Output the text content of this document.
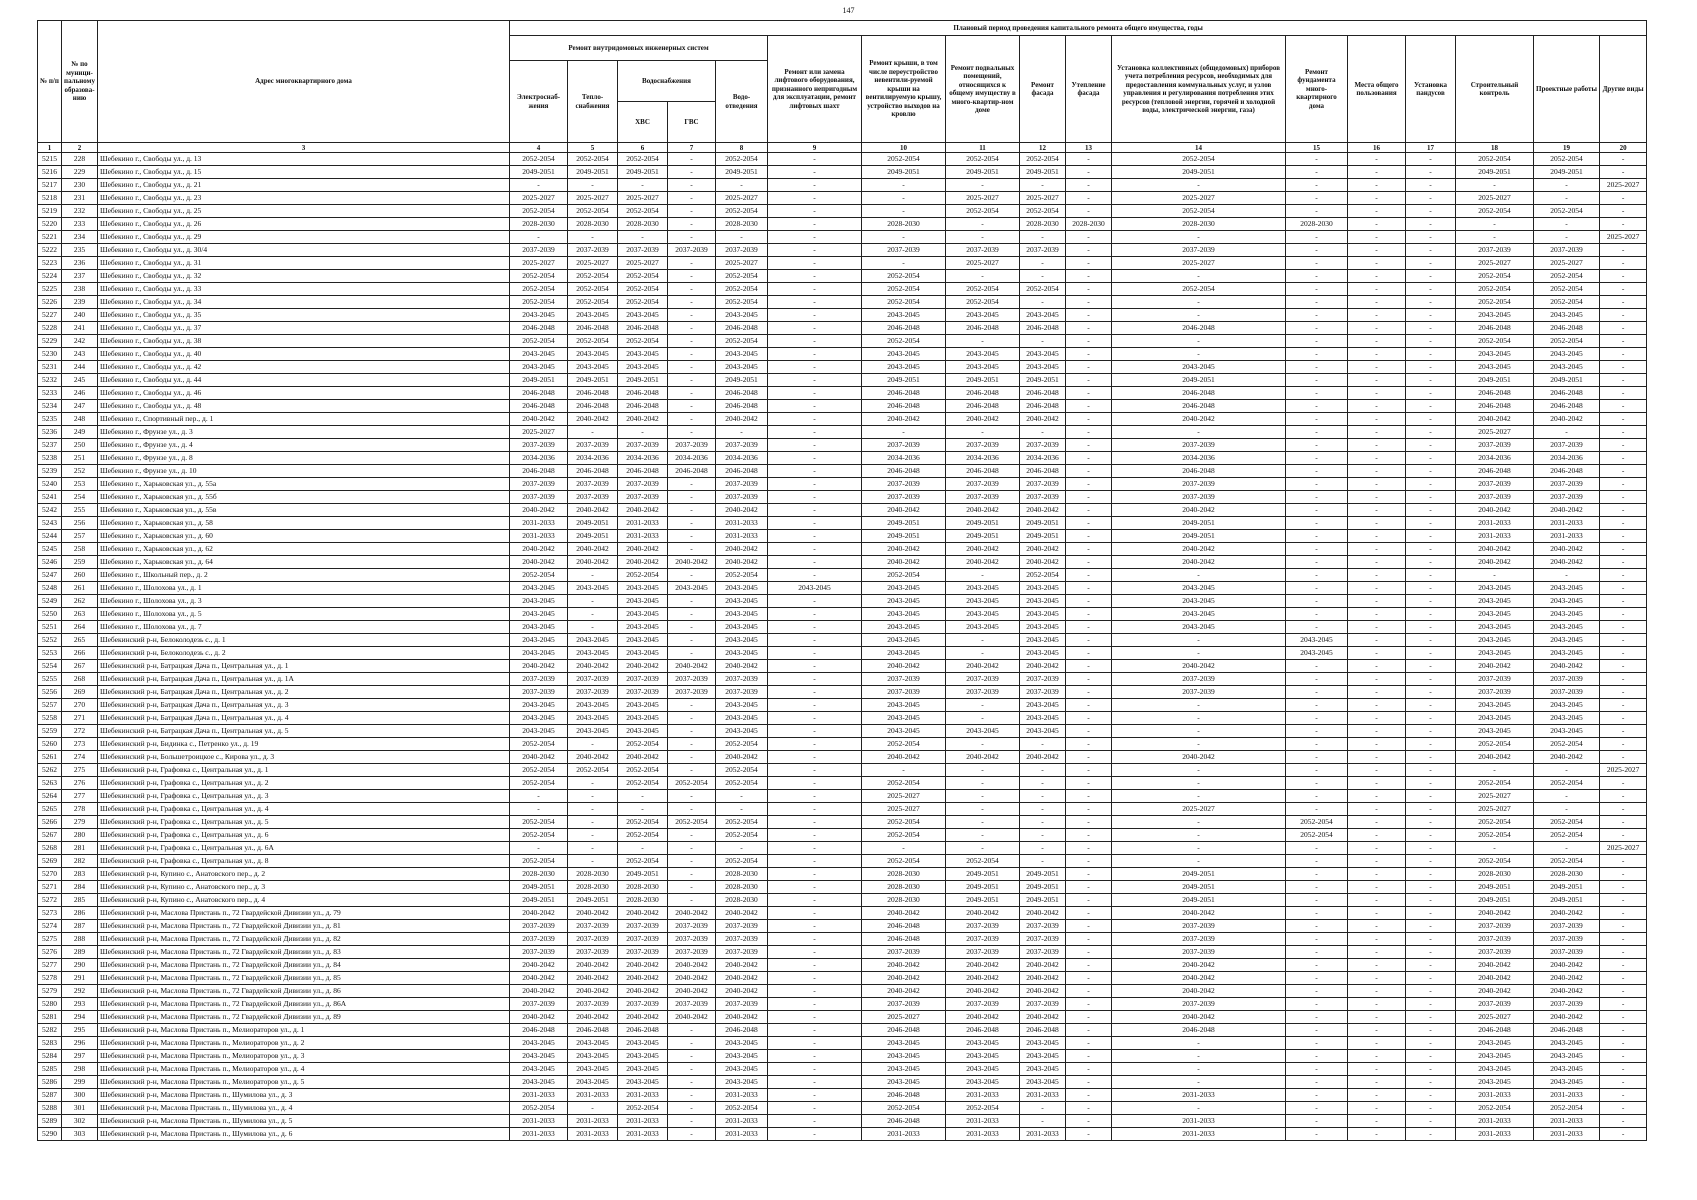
147
№ п/п	№ по муници-пальному образова-нию	Адрес многоквартирного дома	Плановый период проведения капитального ремонта общего имущества, годы																
			Ремонт внутридомовых инженерных систем					Ремонт или замена лифтового оборудования, признанного непригодным для эксплуатации, ремонт лифтовых шахт	Ремонт крыши, в том числе переустройство невентили-руемой крыши на вентилируемую крышу, устройство выходов на кровлю	Ремонт подвальных помещений, относящихся к общему имуществу в много-квартир-ном доме	Ремонт фасада	Утепление фасада	Установка коллективных (общедомовых) приборов учета потребления ресурсов, необходимых для предоставления коммунальных услуг, и узлов управления и регулирования потребления этих ресурсов (тепловой энергии, горячей и холодной воды, электрической энергии, газа)	Ремонт фундамента много-квартирного дома	Места общего пользования	Установка пандусов	Строительный контроль	Проектные работы	Другие виды
			Электроснаб-жения	Тепло-снабжения	Водоснабжения		Водо-отведения												
					ХВС	ГВС													
1	2	3	4	5	6	7	8	9	10	11	12	13	14	15	16	17	18	19	20
5215	228	Шебекино г., Свободы ул., д. 13	2052-2054	2052-2054	2052-2054	-	2052-2054	-	2052-2054	2052-2054	2052-2054	-	2052-2054	-	-	-	2052-2054	2052-2054	-
5216	229	Шебекино г., Свободы ул., д. 15	2049-2051	2049-2051	2049-2051	-	2049-2051	-	2049-2051	2049-2051	2049-2051	-	2049-2051	-	-	-	2049-2051	2049-2051	-
5217	230	Шебекино г., Свободы ул., д. 21	-	-	-	-	-	-	-	-	-	-	-	-	-	-	-	-	2025-2027
5218	231	Шебекино г., Свободы ул., д. 23	2025-2027	2025-2027	2025-2027	-	2025-2027	-	-	2025-2027	2025-2027	-	2025-2027	-	-	-	2025-2027	-	-
5219	232	Шебекино г., Свободы ул., д. 25	2052-2054	2052-2054	2052-2054	-	2052-2054	-	-	2052-2054	2052-2054	-	2052-2054	-	-	-	2052-2054	2052-2054	-
5220	233	Шебекино г., Свободы ул., д. 26	2028-2030	2028-2030	2028-2030	-	2028-2030	-	2028-2030	-	2028-2030	2028-2030	2028-2030	2028-2030	-	-	-	-	-
5221	234	Шебекино г., Свободы ул., д. 29	-	-	-	-	-	-	-	-	-	-	-	-	-	-	-	-	2025-2027
5222	235	Шебекино г., Свободы ул., д. 30/4	2037-2039	2037-2039	2037-2039	2037-2039	2037-2039	-	2037-2039	2037-2039	2037-2039	-	2037-2039	-	-	-	2037-2039	2037-2039	-
5223	236	Шебекино г., Свободы ул., д. 31	2025-2027	2025-2027	2025-2027	-	2025-2027	-	-	2025-2027	-	-	2025-2027	-	-	-	2025-2027	2025-2027	-
5224	237	Шебекино г., Свободы ул., д. 32	2052-2054	2052-2054	2052-2054	-	2052-2054	-	2052-2054	-	-	-	-	-	-	-	2052-2054	2052-2054	-
5225	238	Шебекино г., Свободы ул., д. 33	2052-2054	2052-2054	2052-2054	-	2052-2054	-	2052-2054	2052-2054	2052-2054	-	2052-2054	-	-	-	2052-2054	2052-2054	-
5226	239	Шебекино г., Свободы ул., д. 34	2052-2054	2052-2054	2052-2054	-	2052-2054	-	2052-2054	2052-2054	-	-	-	-	-	-	2052-2054	2052-2054	-
5227	240	Шебекино г., Свободы ул., д. 35	2043-2045	2043-2045	2043-2045	-	2043-2045	-	2043-2045	2043-2045	2043-2045	-	-	-	-	-	2043-2045	2043-2045	-
5228	241	Шебекино г., Свободы ул., д. 37	2046-2048	2046-2048	2046-2048	-	2046-2048	-	2046-2048	2046-2048	2046-2048	-	2046-2048	-	-	-	2046-2048	2046-2048	-
5229	242	Шебекино г., Свободы ул., д. 38	2052-2054	2052-2054	2052-2054	-	2052-2054	-	2052-2054	-	-	-	-	-	-	-	2052-2054	2052-2054	-
5230	243	Шебекино г., Свободы ул., д. 40	2043-2045	2043-2045	2043-2045	-	2043-2045	-	2043-2045	2043-2045	2043-2045	-	-	-	-	-	2043-2045	2043-2045	-
5231	244	Шебекино г., Свободы ул., д. 42	2043-2045	2043-2045	2043-2045	-	2043-2045	-	2043-2045	2043-2045	2043-2045	-	2043-2045	-	-	-	2043-2045	2043-2045	-
5232	245	Шебекино г., Свободы ул., д. 44	2049-2051	2049-2051	2049-2051	-	2049-2051	-	2049-2051	2049-2051	2049-2051	-	2049-2051	-	-	-	2049-2051	2049-2051	-
5233	246	Шебекино г., Свободы ул., д. 46	2046-2048	2046-2048	2046-2048	-	2046-2048	-	2046-2048	2046-2048	2046-2048	-	2046-2048	-	-	-	2046-2048	2046-2048	-
5234	247	Шебекино г., Свободы ул., д. 48	2046-2048	2046-2048	2046-2048	-	2046-2048	-	2046-2048	2046-2048	2046-2048	-	2046-2048	-	-	-	2046-2048	2046-2048	-
5235	248	Шебекино г., Спортивный пер., д. 1	2040-2042	2040-2042	2040-2042	-	2040-2042	-	2040-2042	2040-2042	2040-2042	-	2040-2042	-	-	-	2040-2042	2040-2042	-
5236	249	Шебекино г., Фрунзе ул., д. 3	2025-2027	-	-	-	-	-	-	-	-	-	-	-	-	-	2025-2027	-	-
5237	250	Шебекино г., Фрунзе ул., д. 4	2037-2039	2037-2039	2037-2039	2037-2039	2037-2039	-	2037-2039	2037-2039	2037-2039	-	2037-2039	-	-	-	2037-2039	2037-2039	-
5238	251	Шебекино г., Фрунзе ул., д. 8	2034-2036	2034-2036	2034-2036	2034-2036	2034-2036	-	2034-2036	2034-2036	2034-2036	-	2034-2036	-	-	-	2034-2036	2034-2036	-
5239	252	Шебекино г., Фрунзе ул., д. 10	2046-2048	2046-2048	2046-2048	2046-2048	2046-2048	-	2046-2048	2046-2048	2046-2048	-	2046-2048	-	-	-	2046-2048	2046-2048	-
5240	253	Шебекино г., Харьковская ул., д. 55а	2037-2039	2037-2039	2037-2039	-	2037-2039	-	2037-2039	2037-2039	2037-2039	-	2037-2039	-	-	-	2037-2039	2037-2039	-
5241	254	Шебекино г., Харьковская ул., д. 55б	2037-2039	2037-2039	2037-2039	-	2037-2039	-	2037-2039	2037-2039	2037-2039	-	2037-2039	-	-	-	2037-2039	2037-2039	-
5242	255	Шебекино г., Харьковская ул., д. 55в	2040-2042	2040-2042	2040-2042	-	2040-2042	-	2040-2042	2040-2042	2040-2042	-	2040-2042	-	-	-	2040-2042	2040-2042	-
5243	256	Шебекино г., Харьковская ул., д. 58	2031-2033	2049-2051	2031-2033	-	2031-2033	-	2049-2051	2049-2051	2049-2051	-	2049-2051	-	-	-	2031-2033	2031-2033	-
5244	257	Шебекино г., Харьковская ул., д. 60	2031-2033	2049-2051	2031-2033	-	2031-2033	-	2049-2051	2049-2051	2049-2051	-	2049-2051	-	-	-	2031-2033	2031-2033	-
5245	258	Шебекино г., Харьковская ул., д. 62	2040-2042	2040-2042	2040-2042	-	2040-2042	-	2040-2042	2040-2042	2040-2042	-	2040-2042	-	-	-	2040-2042	2040-2042	-
5246	259	Шебекино г., Харьковская ул., д. 64	2040-2042	2040-2042	2040-2042	2040-2042	2040-2042	-	2040-2042	2040-2042	2040-2042	-	2040-2042	-	-	-	2040-2042	2040-2042	-
5247	260	Шебекино г., Школьный пер., д. 2	2052-2054	-	2052-2054	-	2052-2054	-	2052-2054	-	2052-2054	-	-	-	-	-	-	-	-
5248	261	Шебекино г., Шолохова ул., д. 1	2043-2045	2043-2045	2043-2045	2043-2045	2043-2045	2043-2045	2043-2045	2043-2045	2043-2045	-	2043-2045	-	-	-	2043-2045	2043-2045	-
5249	262	Шебекино г., Шолохова ул., д. 3	2043-2045	-	2043-2045	-	2043-2045	-	2043-2045	2043-2045	2043-2045	-	2043-2045	-	-	-	2043-2045	2043-2045	-
5250	263	Шебекино г., Шолохова ул., д. 5	2043-2045	-	2043-2045	-	2043-2045	-	2043-2045	2043-2045	2043-2045	-	2043-2045	-	-	-	2043-2045	2043-2045	-
5251	264	Шебекино г., Шолохова ул., д. 7	2043-2045	-	2043-2045	-	2043-2045	-	2043-2045	2043-2045	2043-2045	-	2043-2045	-	-	-	2043-2045	2043-2045	-
5252	265	Шебекинский р-н, Белоколодезь с., д. 1	2043-2045	2043-2045	2043-2045	-	2043-2045	-	2043-2045	-	2043-2045	-	-	2043-2045	-	-	2043-2045	2043-2045	-
5253	266	Шебекинский р-н, Белоколодезь с., д. 2	2043-2045	2043-2045	2043-2045	-	2043-2045	-	2043-2045	-	2043-2045	-	-	2043-2045	-	-	2043-2045	2043-2045	-
5254	267	Шебекинский р-н, Батрацкая Дача п., Центральная ул., д. 1	2040-2042	2040-2042	2040-2042	2040-2042	2040-2042	-	2040-2042	2040-2042	2040-2042	-	2040-2042	-	-	-	2040-2042	2040-2042	-
5255	268	Шебекинский р-н, Батрацкая Дача п., Центральная ул., д. 1А	2037-2039	2037-2039	2037-2039	2037-2039	2037-2039	-	2037-2039	2037-2039	2037-2039	-	2037-2039	-	-	-	2037-2039	2037-2039	-
5256	269	Шебекинский р-н, Батрацкая Дача п., Центральная ул., д. 2	2037-2039	2037-2039	2037-2039	2037-2039	2037-2039	-	2037-2039	2037-2039	2037-2039	-	2037-2039	-	-	-	2037-2039	2037-2039	-
5257	270	Шебекинский р-н, Батрацкая Дача п., Центральная ул., д. 3	2043-2045	2043-2045	2043-2045	-	2043-2045	-	2043-2045	-	2043-2045	-	-	-	-	-	2043-2045	2043-2045	-
5258	271	Шебекинский р-н, Батрацкая Дача п., Центральная ул., д. 4	2043-2045	2043-2045	2043-2045	-	2043-2045	-	2043-2045	-	2043-2045	-	-	-	-	-	2043-2045	2043-2045	-
5259	272	Шебекинский р-н, Батрацкая Дача п., Центральная ул., д. 5	2043-2045	2043-2045	2043-2045	-	2043-2045	-	2043-2045	2043-2045	2043-2045	-	-	-	-	-	2043-2045	2043-2045	-
5260	273	Шебекинский р-н, Бидинка с., Петренко ул., д. 19	2052-2054	-	2052-2054	-	2052-2054	-	2052-2054	-	-	-	-	-	-	-	2052-2054	2052-2054	-
5261	274	Шебекинский р-н, Большетроицкое с., Кирова ул., д. 3	2040-2042	2040-2042	2040-2042	-	2040-2042	-	2040-2042	2040-2042	2040-2042	-	2040-2042	-	-	-	2040-2042	2040-2042	-
5262	275	Шебекинский р-н, Графовка с., Центральная ул., д. 1	2052-2054	2052-2054	2052-2054	-	2052-2054	-	-	-	-	-	-	-	-	-	-	-	2025-2027
5263	276	Шебекинский р-н, Графовка с., Центральная ул., д. 2	2052-2054	-	2052-2054	2052-2054	2052-2054	-	2052-2054	-	-	-	-	-	-	-	2052-2054	2052-2054	-
5264	277	Шебекинский р-н, Графовка с., Центральная ул., д. 3	-	-	-	-	-	-	2025-2027	-	-	-	-	-	-	-	2025-2027	-	-
5265	278	Шебекинский р-н, Графовка с., Центральная ул., д. 4	-	-	-	-	-	-	2025-2027	-	-	-	2025-2027	-	-	-	2025-2027	-	-
5266	279	Шебекинский р-н, Графовка с., Центральная ул., д. 5	2052-2054	-	2052-2054	2052-2054	2052-2054	-	2052-2054	-	-	-	-	2052-2054	-	-	2052-2054	2052-2054	-
5267	280	Шебекинский р-н, Графовка с., Центральная ул., д. 6	2052-2054	-	2052-2054	-	2052-2054	-	2052-2054	-	-	-	-	2052-2054	-	-	2052-2054	2052-2054	-
5268	281	Шебекинский р-н, Графовка с., Центральная ул., д. 6А	-	-	-	-	-	-	-	-	-	-	-	-	-	-	-	-	2025-2027
5269	282	Шебекинский р-н, Графовка с., Центральная ул., д. 8	2052-2054	-	2052-2054	-	2052-2054	-	2052-2054	2052-2054	-	-	-	-	-	-	2052-2054	2052-2054	-
5270	283	Шебекинский р-н, Купино с., Анатовского пер., д. 2	2028-2030	2028-2030	2049-2051	-	2028-2030	-	2028-2030	2049-2051	2049-2051	-	2049-2051	-	-	-	2028-2030	2028-2030	-
5271	284	Шебекинский р-н, Купино с., Анатовского пер., д. 3	2049-2051	2028-2030	2028-2030	-	2028-2030	-	2028-2030	2049-2051	2049-2051	-	2049-2051	-	-	-	2049-2051	2049-2051	-
5272	285	Шебекинский р-н, Купино с., Анатовского пер., д. 4	2049-2051	2049-2051	2028-2030	-	2028-2030	-	2028-2030	2049-2051	2049-2051	-	2049-2051	-	-	-	2049-2051	2049-2051	-
5273	286	Шебекинский р-н, Маслова Пристань п., 72 Гвардейской Дивизии ул., д. 79	2040-2042	2040-2042	2040-2042	2040-2042	2040-2042	-	2040-2042	2040-2042	2040-2042	-	2040-2042	-	-	-	2040-2042	2040-2042	-
5274	287	Шебекинский р-н, Маслова Пристань п., 72 Гвардейской Дивизии ул., д. 81	2037-2039	2037-2039	2037-2039	2037-2039	2037-2039	-	2046-2048	2037-2039	2037-2039	-	2037-2039	-	-	-	2037-2039	2037-2039	-
5275	288	Шебекинский р-н, Маслова Пристань п., 72 Гвардейской Дивизии ул., д. 82	2037-2039	2037-2039	2037-2039	2037-2039	2037-2039	-	2046-2048	2037-2039	2037-2039	-	2037-2039	-	-	-	2037-2039	2037-2039	-
5276	289	Шебекинский р-н, Маслова Пристань п., 72 Гвардейской Дивизии ул., д. 83	2037-2039	2037-2039	2037-2039	2037-2039	2037-2039	-	2037-2039	2037-2039	2037-2039	-	2037-2039	-	-	-	2037-2039	2037-2039	-
5277	290	Шебекинский р-н, Маслова Пристань п., 72 Гвардейской Дивизии ул., д. 84	2040-2042	2040-2042	2040-2042	2040-2042	2040-2042	-	2040-2042	2040-2042	2040-2042	-	2040-2042	-	-	-	2040-2042	2040-2042	-
5278	291	Шебекинский р-н, Маслова Пристань п., 72 Гвардейской Дивизии ул., д. 85	2040-2042	2040-2042	2040-2042	2040-2042	2040-2042	-	2040-2042	2040-2042	2040-2042	-	2040-2042	-	-	-	2040-2042	2040-2042	-
5279	292	Шебекинский р-н, Маслова Пристань п., 72 Гвардейской Дивизии ул., д. 86	2040-2042	2040-2042	2040-2042	2040-2042	2040-2042	-	2040-2042	2040-2042	2040-2042	-	2040-2042	-	-	-	2040-2042	2040-2042	-
5280	293	Шебекинский р-н, Маслова Пристань п., 72 Гвардейской Дивизии ул., д. 86А	2037-2039	2037-2039	2037-2039	2037-2039	2037-2039	-	2037-2039	2037-2039	2037-2039	-	2037-2039	-	-	-	2037-2039	2037-2039	-
5281	294	Шебекинский р-н, Маслова Пристань п., 72 Гвардейской Дивизии ул., д. 89	2040-2042	2040-2042	2040-2042	2040-2042	2040-2042	-	2025-2027	2040-2042	2040-2042	-	2040-2042	-	-	-	2025-2027	2040-2042	-
5282	295	Шебекинский р-н, Маслова Пристань п., Мелиораторов ул., д. 1	2046-2048	2046-2048	2046-2048	-	2046-2048	-	2046-2048	2046-2048	2046-2048	-	2046-2048	-	-	-	2046-2048	2046-2048	-
5283	296	Шебекинский р-н, Маслова Пристань п., Мелиораторов ул., д. 2	2043-2045	2043-2045	2043-2045	-	2043-2045	-	2043-2045	2043-2045	2043-2045	-	-	-	-	-	2043-2045	2043-2045	-
5284	297	Шебекинский р-н, Маслова Пристань п., Мелиораторов ул., д. 3	2043-2045	2043-2045	2043-2045	-	2043-2045	-	2043-2045	2043-2045	2043-2045	-	-	-	-	-	2043-2045	2043-2045	-
5285	298	Шебекинский р-н, Маслова Пристань п., Мелиораторов ул., д. 4	2043-2045	2043-2045	2043-2045	-	2043-2045	-	2043-2045	2043-2045	2043-2045	-	-	-	-	-	2043-2045	2043-2045	-
5286	299	Шебекинский р-н, Маслова Пристань п., Мелиораторов ул., д. 5	2043-2045	2043-2045	2043-2045	-	2043-2045	-	2043-2045	2043-2045	2043-2045	-	-	-	-	-	2043-2045	2043-2045	-
5287	300	Шебекинский р-н, Маслова Пристань п., Шумилова ул., д. 3	2031-2033	2031-2033	2031-2033	-	2031-2033	-	2046-2048	2031-2033	2031-2033	-	2031-2033	-	-	-	2031-2033	2031-2033	-
5288	301	Шебекинский р-н, Маслова Пристань п., Шумилова ул., д. 4	2052-2054	-	2052-2054	-	2052-2054	-	2052-2054	2052-2054	-	-	-	-	-	-	2052-2054	2052-2054	-
5289	302	Шебекинский р-н, Маслова Пристань п., Шумилова ул., д. 5	2031-2033	2031-2033	2031-2033	-	2031-2033	-	2046-2048	2031-2033	-	-	2031-2033	-	-	-	2031-2033	2031-2033	-
5290	303	Шебекинский р-н, Маслова Пристань п., Шумилова ул., д. 6	2031-2033	2031-2033	2031-2033	-	2031-2033	-	2031-2033	2031-2033	2031-2033	-	2031-2033	-	-	-	2031-2033	2031-2033	-
